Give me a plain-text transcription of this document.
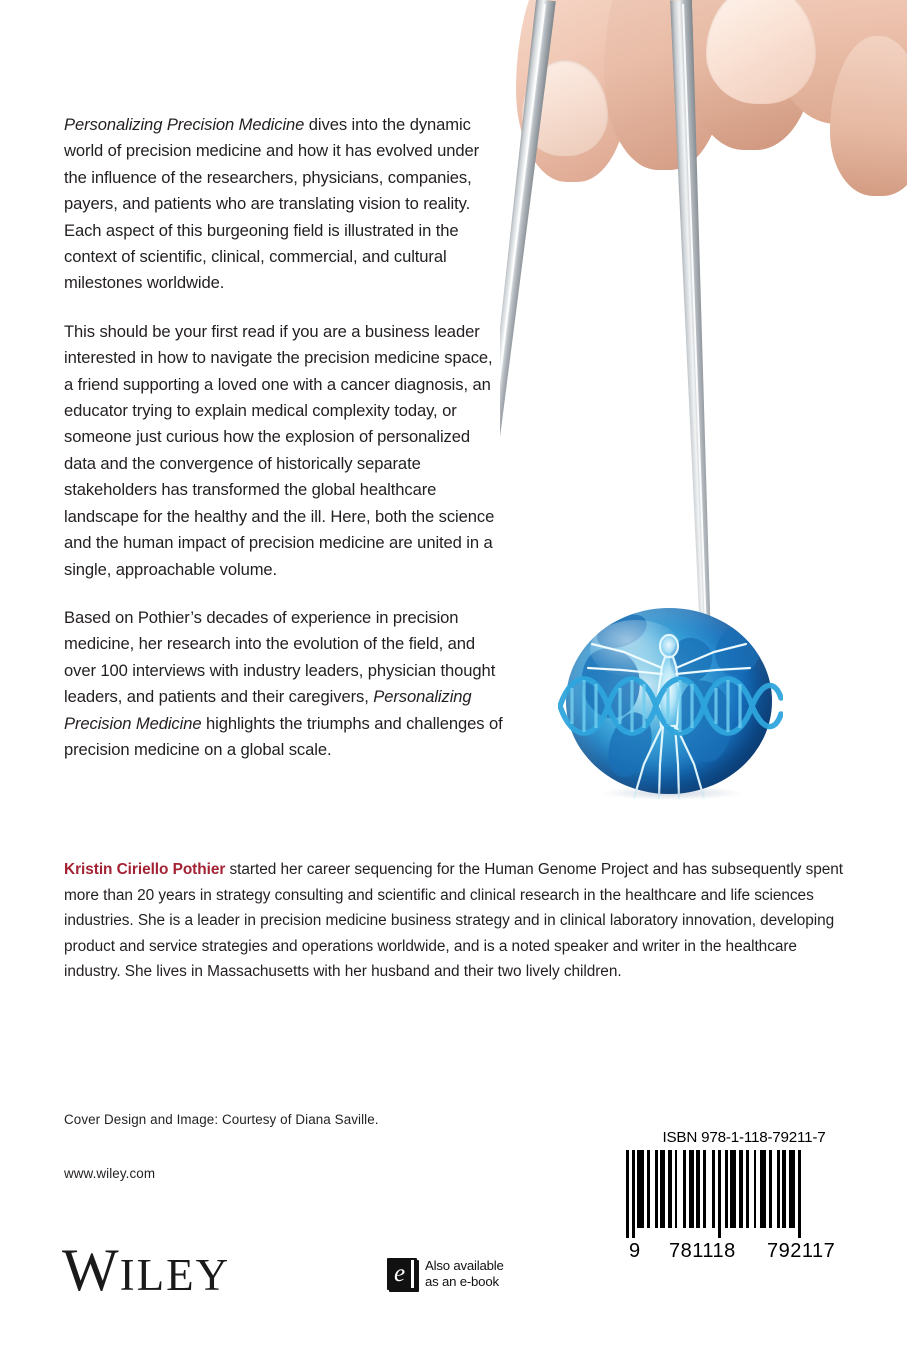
Personalizing Precision Medicine dives into the dynamic world of precision medicine and how it has evolved under the influence of the researchers, physicians, companies, payers, and patients who are translating vision to reality. Each aspect of this burgeoning field is illustrated in the context of scientific, clinical, commercial, and cultural milestones worldwide.

This should be your first read if you are a business leader interested in how to navigate the precision medicine space, a friend supporting a loved one with a cancer diagnosis, an educator trying to explain medical complexity today, or someone just curious how the explosion of personalized data and the convergence of historically separate stakeholders has transformed the global healthcare landscape for the healthy and the ill. Here, both the science and the human impact of precision medicine are united in a single, approachable volume.

Based on Pothier’s decades of experience in precision medicine, her research into the evolution of the field, and over 100 interviews with industry leaders, physician thought leaders, and patients and their caregivers, Personalizing Precision Medicine highlights the triumphs and challenges of precision medicine on a global scale.

Kristin Ciriello Pothier started her career sequencing for the Human Genome Project and has subsequently spent more than 20 years in strategy consulting and scientific and clinical research in the healthcare and life sciences industries. She is a leader in precision medicine business strategy and in clinical laboratory innovation, developing product and service strategies and operations worldwide, and is a noted speaker and writer in the healthcare industry. She lives in Massachusetts with her husband and their two lively children.
Cover Design and Image: Courtesy of Diana Saville.
www.wiley.com
WILEY	e Also available
as an e-book
ISBN 978-1-118-79211-7
9 781118 792117
